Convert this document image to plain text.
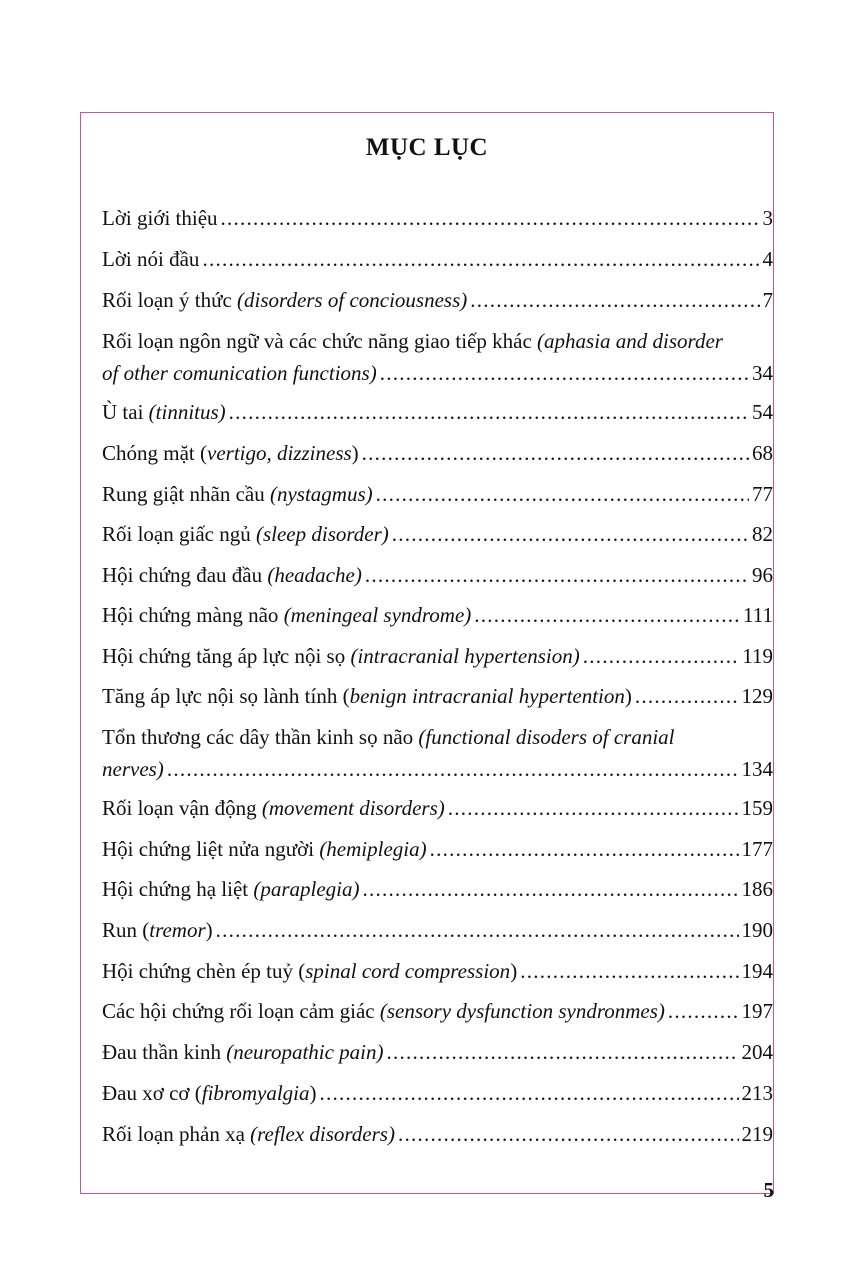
MỤC LỤC
Lời giới thiệu . . .	3
Lời nói đầu . . .	4
Rối loạn ý thức (disorders of conciousness) . . .	7
Rối loạn ngôn ngữ và các chức năng giao tiếp khác (aphasia and disorder
of other comunication functions) . . .	34
Ù tai (tinnitus) . . .	54
Chóng mặt (vertigo, dizziness) . . .	68
Rung giật nhãn cầu (nystagmus) . . .	77
Rối loạn giấc ngủ (sleep disorder) . . .	82
Hội chứng đau đầu (headache) . . .	96
Hội chứng màng não (meningeal syndrome) . . .	111
Hội chứng tăng áp lực nội sọ (intracranial hypertension) . . .	119
Tăng áp lực nội sọ lành tính (benign intracranial hypertention) . . .	129
Tổn thương các dây thần kinh sọ não (functional disoders of cranial
nerves) . . .	134
Rối loạn vận động (movement disorders) . . .	159
Hội chứng liệt nửa người (hemiplegia) . . .	177
Hội chứng hạ liệt (paraplegia) . . .	186
Run (tremor) . . .	190
Hội chứng chèn ép tuỷ (spinal cord compression) . . .	194
Các hội chứng rối loạn cảm giác (sensory dysfunction syndronmes) . . .	197
Đau thần kinh (neuropathic pain) . . .	204
Đau xơ cơ (fibromyalgia) . . .	213
Rối loạn phản xạ (reflex disorders) . . .	219
5
